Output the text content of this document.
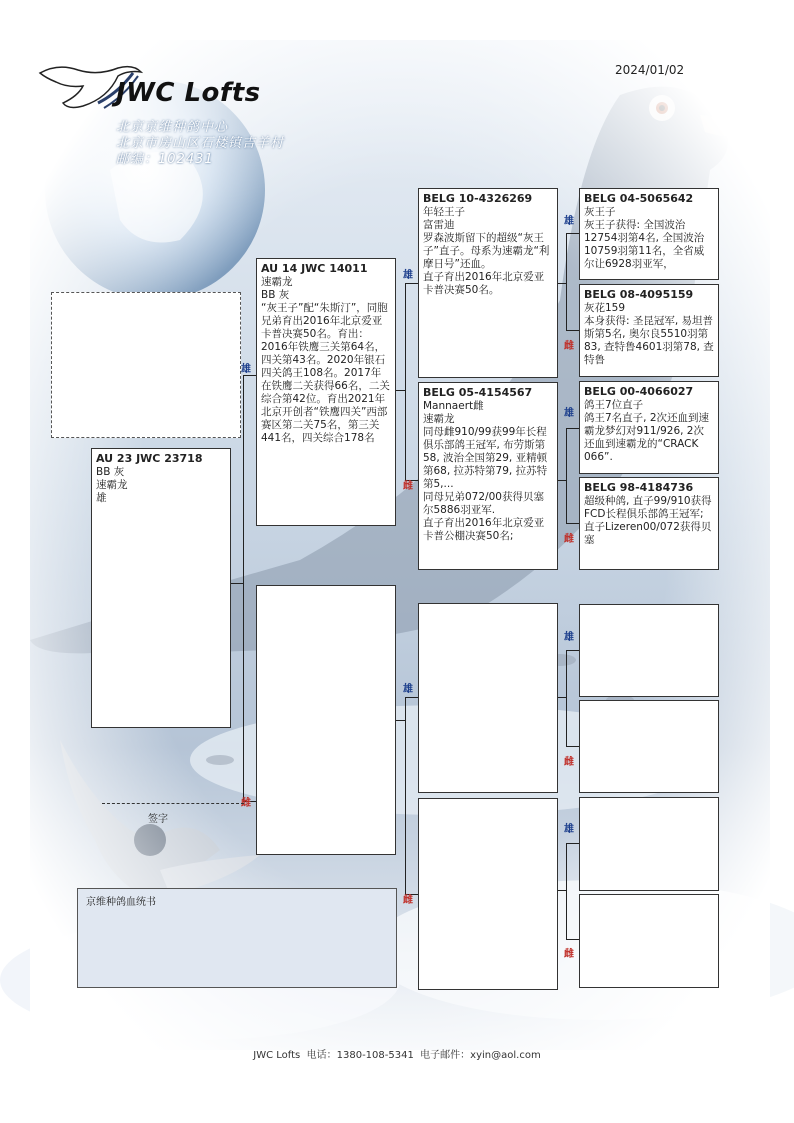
JWC Lofts
北京京维种鸽中心
北京市房山区石楼镇吉羊村
邮编：102431
2024/01/02
雄
雌
雄
雌
雄
雌
雄
雌
雄
雌
雄
雌
雄
雌
AU 23 JWC 23718
BB 灰
速霸龙
雄
AU 14 JWC 14011
速霸龙
BB 灰
“灰王子”配“朱斯汀”，同胞兄弟育出2016年北京爱亚卡普决赛50名。育出：2016年铁鹰三关第64名，四关第43名。2020年银石四关鸽王108名。2017年在铁鹰二关获得66名，二关综合第42位。育出2021年北京开创者“铁鹰四关”西部赛区第二关75名，第三关441名，四关综合178名
BELG 10-4326269
年轻王子
富雷迪
罗森波斯留下的超级“灰王子”直子。母系为速霸龙“利摩日号”还血。
直子育出2016年北京爱亚卡普决赛50名。
BELG 05-4154567
Mannaert雌
速霸龙
同母雌910/99获99年长程俱乐部鸽王冠军, 布劳斯第58, 波治全国第29, 亚精顿第68, 拉苏特第79, 拉苏特第5,...
同母兄弟072/00获得贝塞尔5886羽亚军.
直子育出2016年北京爱亚卡普公棚决赛50名;
BELG 04-5065642
灰王子
灰王子获得: 全国波治12754羽第4名, 全国波治10759羽第11名，全省威尔让6928羽亚军，
BELG 08-4095159
灰花159
本身获得: 圣昆冠军, 易坦普斯第5名, 奥尔良5510羽第83, 查特鲁4601羽第78, 查特鲁
BELG 00-4066027
鸽王7位直子
鸽王7名直子, 2次还血到速霸龙梦幻对911/926, 2次还血到速霸龙的“CRACK 066”.
BELG 98-4184736
超级种鸽, 直子99/910获得FCD长程俱乐部鸽王冠军; 直子Lizeren00/072获得贝塞
签字
京维种鸽血统书
JWC Lofts  电话：1380-108-5341  电子邮件：xyin@aol.com
